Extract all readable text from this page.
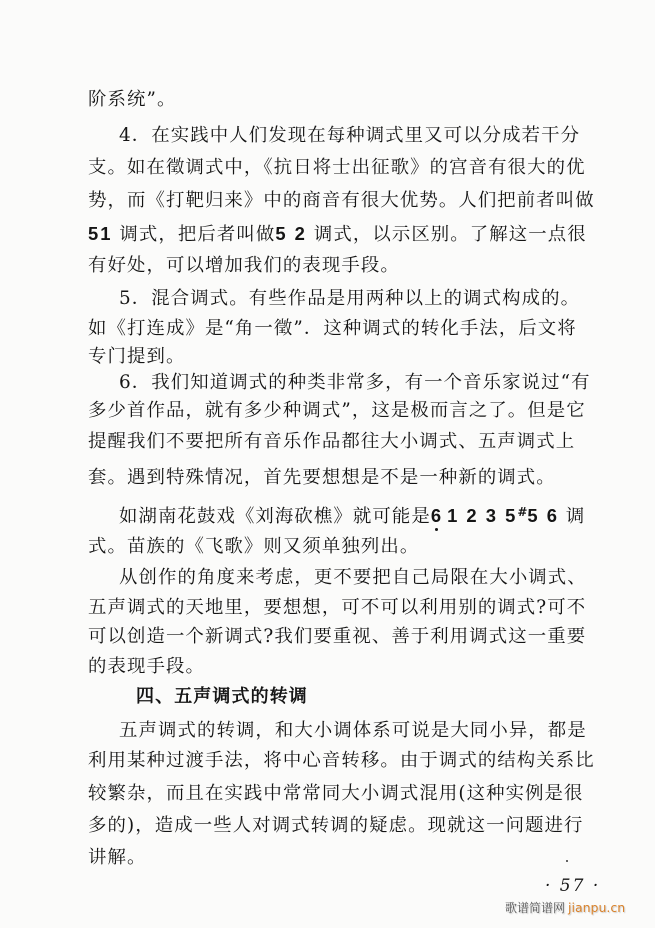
阶系统”。
4．在实践中人们发现在每种调式里又可以分成若干分
支。如在徵调式中，《抗日将士出征歌》的宫音有很大的优
势，而《打靶归来》中的商音有很大优势。人们把前者叫做
51 调式，把后者叫做5 2 调式，以示区别。了解这一点很
有好处，可以增加我们的表现手段。
5．混合调式。有些作品是用两种以上的调式构成的。
如《打连成》是“角一徵”．这种调式的转化手法，后文将
专门提到。
6．我们知道调式的种类非常多，有一个音乐家说过“有
多少首作品，就有多少种调式”，这是极而言之了。但是它
提醒我们不要把所有音乐作品都往大小调式、五声调式上
套。遇到特殊情况，首先要想想是不是一种新的调式。
如湖南花鼓戏《刘海砍樵》就可能是6 1 2 3 5#5 6 调
式。苗族的《飞歌》则又须单独列出。
从创作的角度来考虑，更不要把自己局限在大小调式、
五声调式的天地里，要想想，可不可以利用别的调式?可不
可以创造一个新调式?我们要重视、善于利用调式这一重要
的表现手段。
四、五声调式的转调
五声调式的转调，和大小调体系可说是大同小异，都是
利用某种过渡手法，将中心音转移。由于调式的结构关系比
较繁杂，而且在实践中常常同大小调式混用(这种实例是很
多的)，造成一些人对调式转调的疑虑。现就这一问题进行
讲解。
· 57 ·
歌谱简谱网 jianpu.cn
